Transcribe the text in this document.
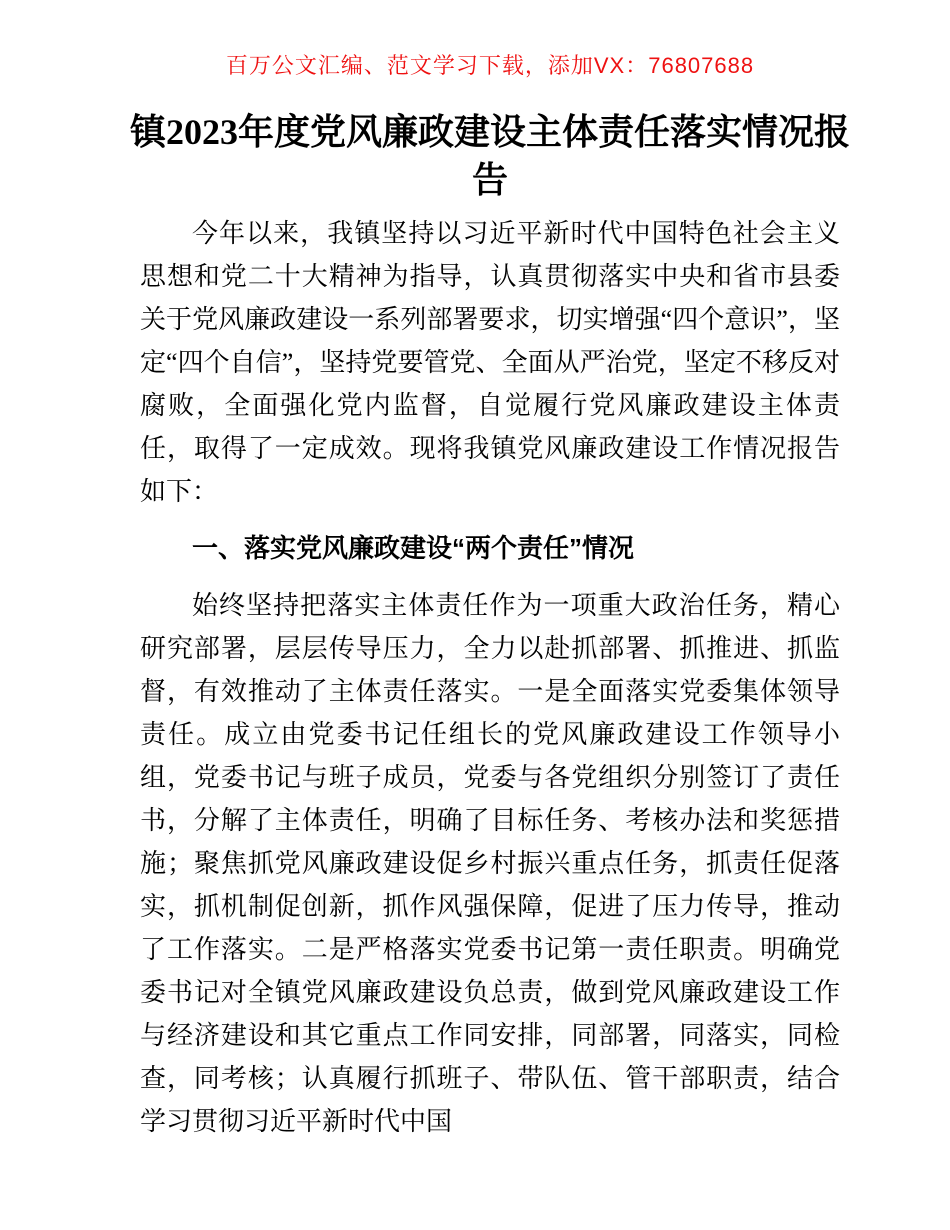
百万公文汇编、范文学习下载，添加VX：76807688
镇2023年度党风廉政建设主体责任落实情况报告

今年以来，我镇坚持以习近平新时代中国特色社会主义思想和党二十大精神为指导，认真贯彻落实中央和省市县委关于党风廉政建设一系列部署要求，切实增强“四个意识”，坚定“四个自信”，坚持党要管党、全面从严治党，坚定不移反对腐败，全面强化党内监督，自觉履行党风廉政建设主体责任，取得了一定成效。现将我镇党风廉政建设工作情况报告如下：

一、落实党风廉政建设“两个责任”情况

始终坚持把落实主体责任作为一项重大政治任务，精心研究部署，层层传导压力，全力以赴抓部署、抓推进、抓监督，有效推动了主体责任落实。一是全面落实党委集体领导责任。成立由党委书记任组长的党风廉政建设工作领导小组，党委书记与班子成员，党委与各党组织分别签订了责任书，分解了主体责任，明确了目标任务、考核办法和奖惩措施；聚焦抓党风廉政建设促乡村振兴重点任务，抓责任促落实，抓机制促创新，抓作风强保障，促进了压力传导，推动了工作落实。二是严格落实党委书记第一责任职责。明确党委书记对全镇党风廉政建设负总责，做到党风廉政建设工作与经济建设和其它重点工作同安排，同部署，同落实，同检查，同考核；认真履行抓班子、带队伍、管干部职责，结合学习贯彻习近平新时代中国
